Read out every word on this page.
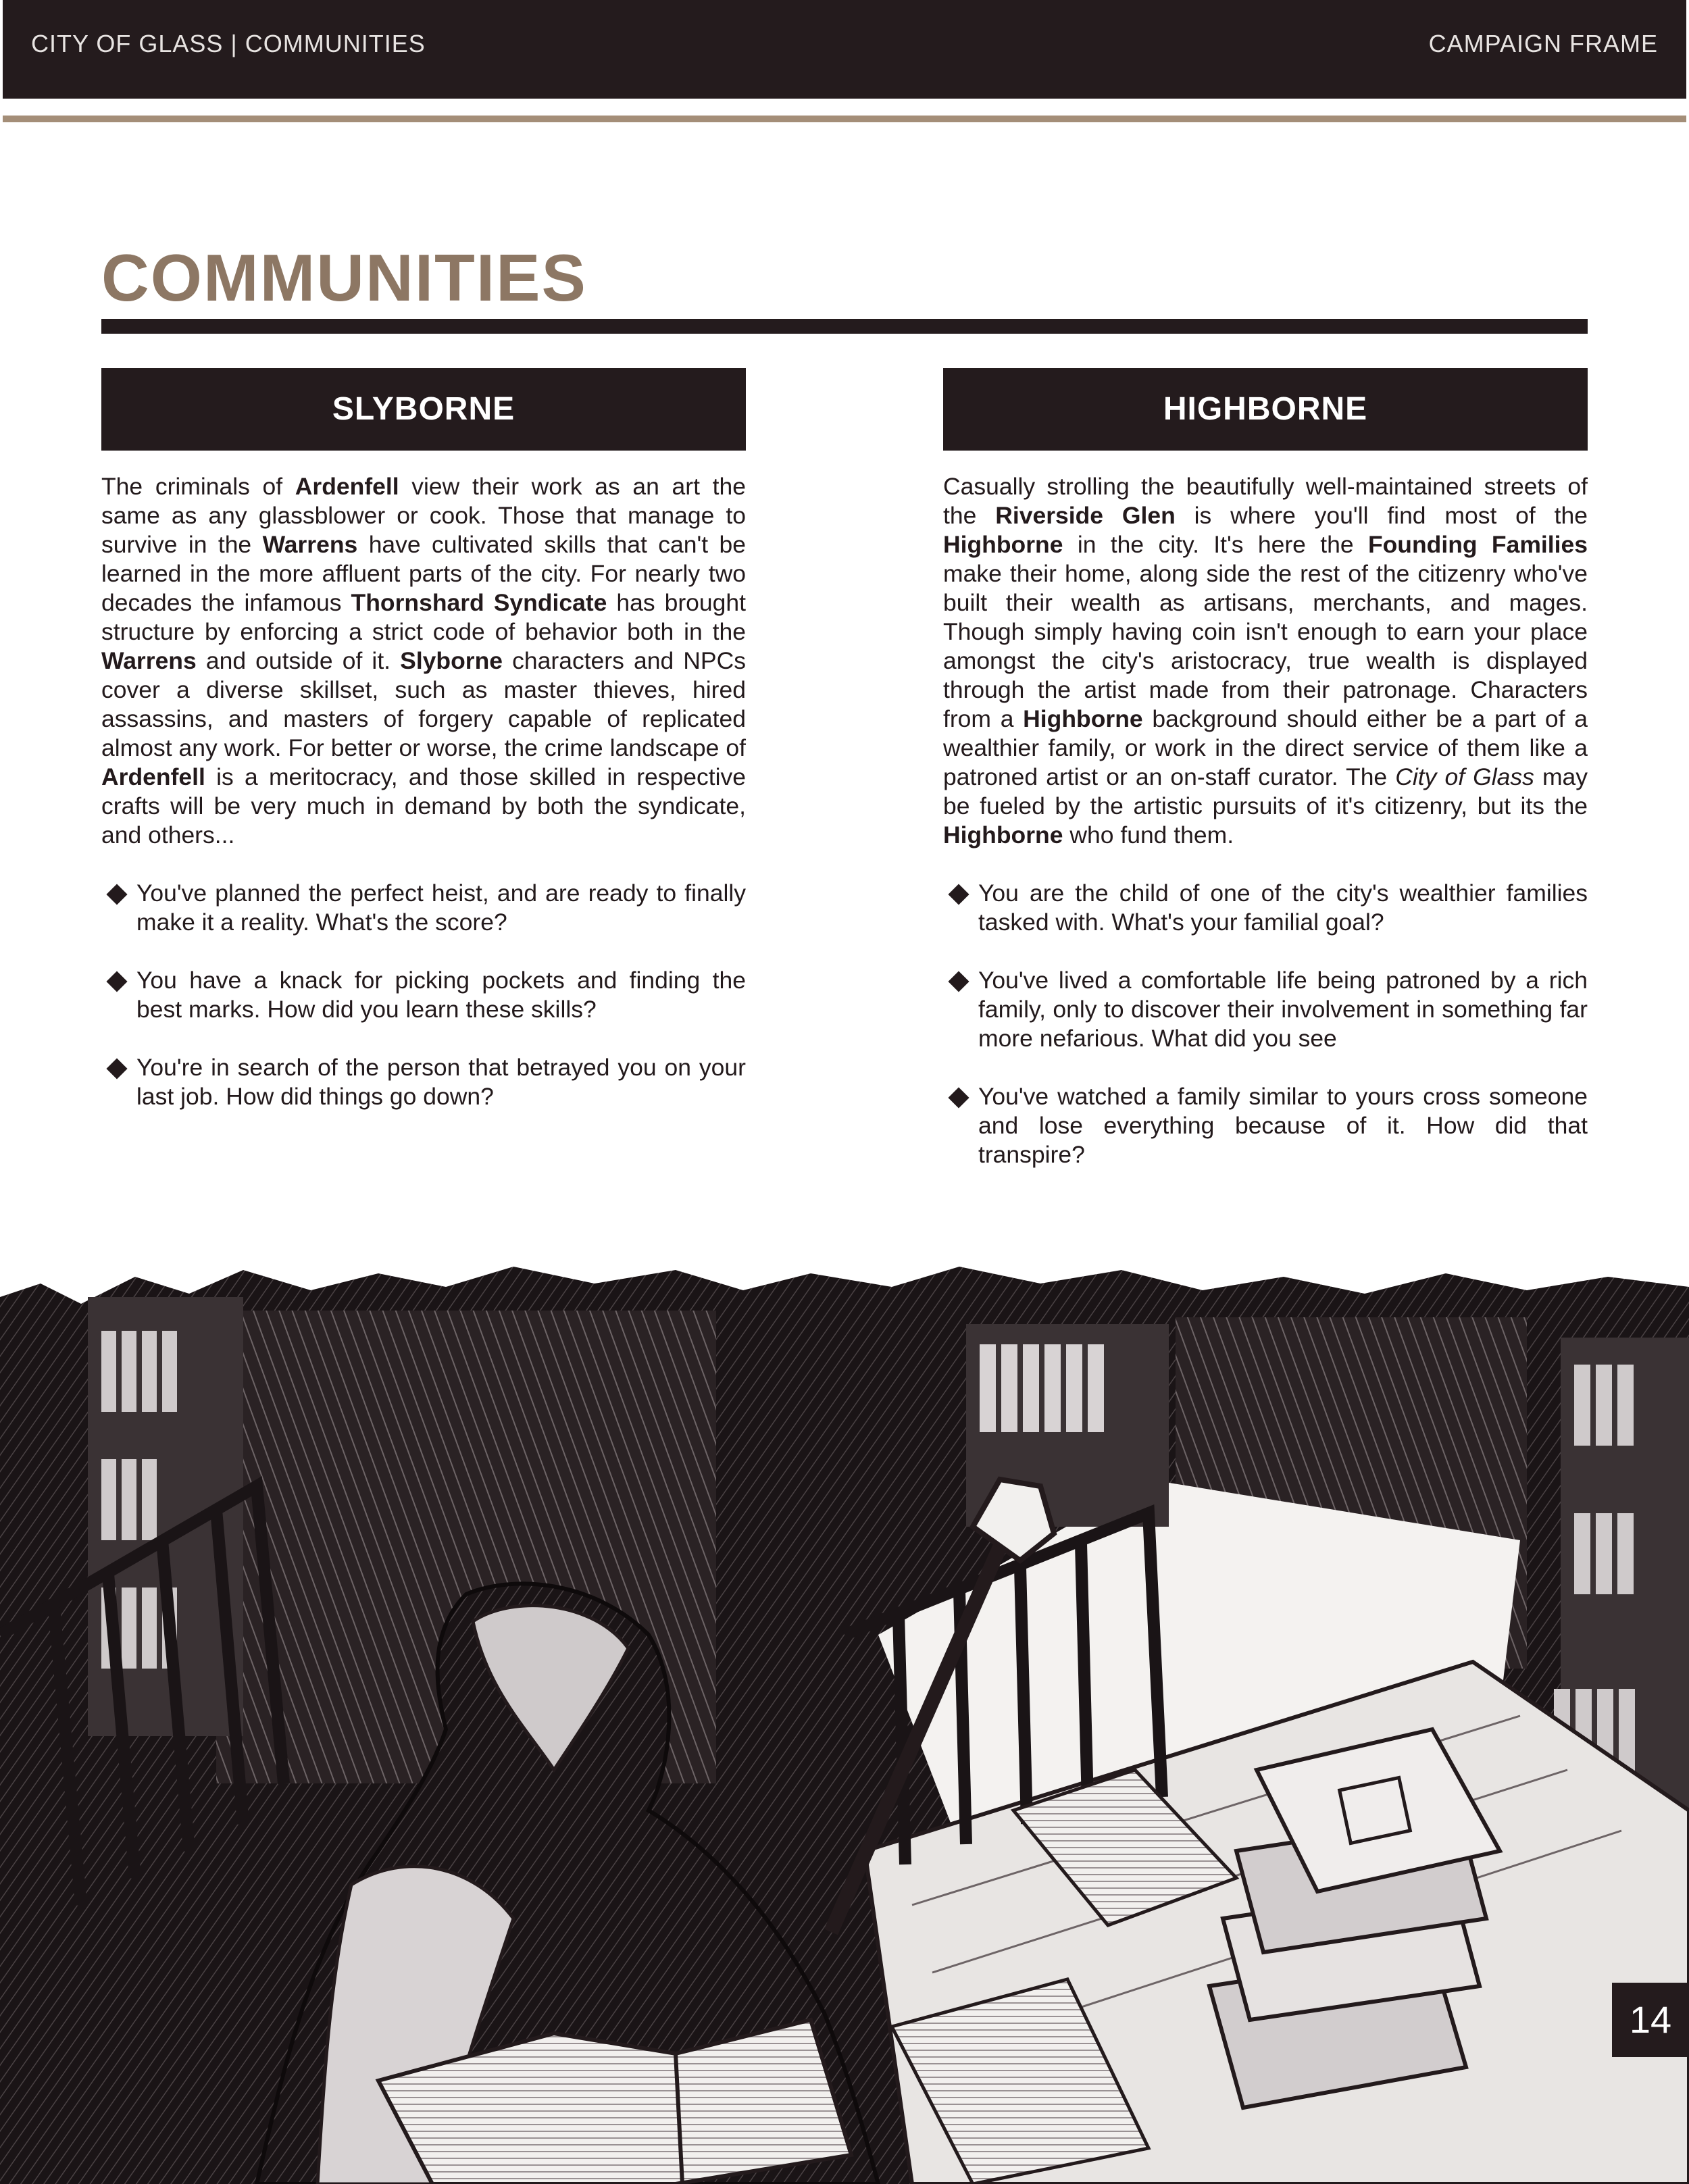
CITY OF GLASS | COMMUNITIES	CAMPAIGN FRAME
COMMUNITIES
SLYBORNE

The criminals of Ardenfell view their work as an art the same as any glassblower or cook. Those that manage to survive in the Warrens have cultivated skills that can't be learned in the more affluent parts of the city. For nearly two decades the infamous Thornshard Syndicate has brought structure by enforcing a strict code of behavior both in the Warrens and outside of it. Slyborne characters and NPCs cover a diverse skillset, such as master thieves, hired assassins, and masters of forgery capable of replicated almost any work. For better or worse, the crime landscape of Ardenfell is a meritocracy, and those skilled in respective crafts will be very much in demand by both the syndicate, and others...

You've planned the perfect heist, and are ready to finally make it a reality. What's the score?
You have a knack for picking pockets and finding the best marks. How did you learn these skills?
You're in search of the person that betrayed you on your last job. How did things go down?
HIGHBORNE

Casually strolling the beautifully well-maintained streets of the Riverside Glen is where you'll find most of the Highborne in the city. It's here the Founding Families make their home, along side the rest of the citizenry who've built their wealth as artisans, merchants, and mages. Though simply having coin isn't enough to earn your place amongst the city's aristocracy, true wealth is displayed through the artist made from their patronage. Characters from a Highborne background should either be a part of a wealthier family, or work in the direct service of them like a patroned artist or an on-staff curator. The City of Glass may be fueled by the artistic pursuits of it's citizenry, but its the Highborne who fund them.

You are the child of one of the city's wealthier families tasked with. What's your familial goal?
You've lived a comfortable life being patroned by a rich family, only to discover their involvement in something far more nefarious. What did you see
You've watched a family similar to yours cross someone and lose everything because of it. How did that transpire?
14
